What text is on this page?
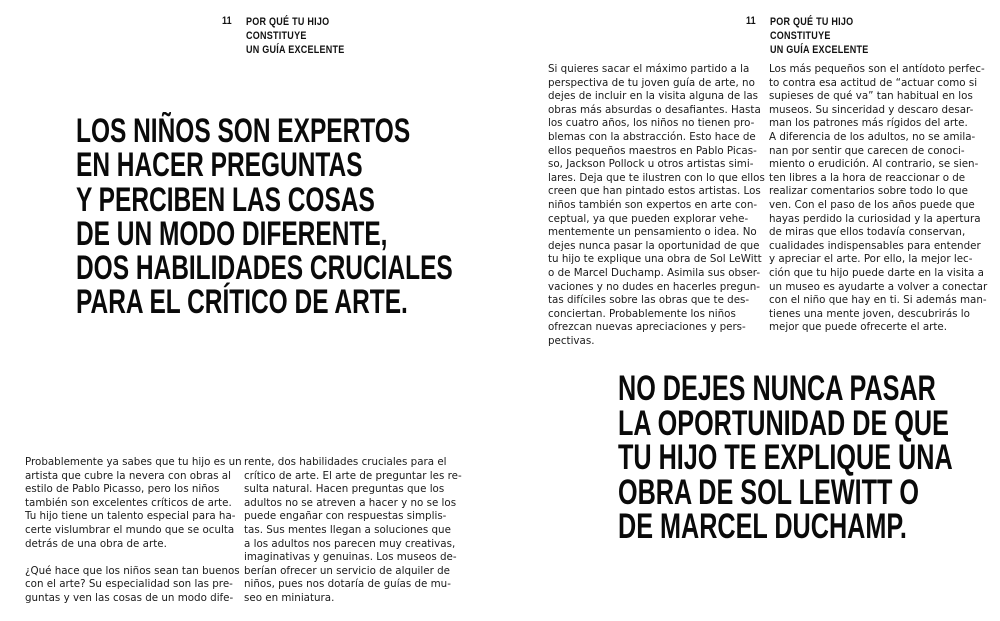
11	POR QUÉ TU HIJO CONSTITUYE
UN GUÍA EXCELENTE
LOS NIÑOS SON EXPERTOS
EN HACER PREGUNTAS
Y PERCIBEN LAS COSAS
DE UN MODO DIFERENTE,
DOS HABILIDADES CRUCIALES
PARA EL CRÍTICO DE ARTE.
Probablemente ya sabes que tu hijo es un
artista que cubre la nevera con obras al
estilo de Pablo Picasso, pero los niños
también son excelentes críticos de arte.
Tu hijo tiene un talento especial para ha-
certe vislumbrar el mundo que se oculta
detrás de una obra de arte.
¿Qué hace que los niños sean tan buenos
con el arte? Su especialidad son las pre-
guntas y ven las cosas de un modo dife-
rente, dos habilidades cruciales para el
crítico de arte. El arte de preguntar les re-
sulta natural. Hacen preguntas que los
adultos no se atreven a hacer y no se los
puede engañar con respuestas simplis-
tas. Sus mentes llegan a soluciones que
a los adultos nos parecen muy creativas,
imaginativas y genuinas. Los museos de-
berían ofrecer un servicio de alquiler de
niños, pues nos dotaría de guías de mu-
seo en miniatura.
11	POR QUÉ TU HIJO CONSTITUYE
UN GUÍA EXCELENTE
Si quieres sacar el máximo partido a la
perspectiva de tu joven guía de arte, no
dejes de incluir en la visita alguna de las
obras más absurdas o desafiantes. Hasta
los cuatro años, los niños no tienen pro-
blemas con la abstracción. Esto hace de
ellos pequeños maestros en Pablo Picas-
so, Jackson Pollock u otros artistas simi-
lares. Deja que te ilustren con lo que ellos
creen que han pintado estos artistas. Los
niños también son expertos en arte con-
ceptual, ya que pueden explorar vehe-
mentemente un pensamiento o idea. No
dejes nunca pasar la oportunidad de que
tu hijo te explique una obra de Sol LeWitt
o de Marcel Duchamp. Asimila sus obser-
vaciones y no dudes en hacerles pregun-
tas difíciles sobre las obras que te des-
conciertan. Probablemente los niños
ofrezcan nuevas apreciaciones y pers-
pectivas.
Los más pequeños son el antídoto perfec-
to contra esa actitud de “actuar como si
supieses de qué va” tan habitual en los
museos. Su sinceridad y descaro desar-
man los patrones más rígidos del arte.
A diferencia de los adultos, no se amila-
nan por sentir que carecen de conoci-
miento o erudición. Al contrario, se sien-
ten libres a la hora de reaccionar o de
realizar comentarios sobre todo lo que
ven. Con el paso de los años puede que
hayas perdido la curiosidad y la apertura
de miras que ellos todavía conservan,
cualidades indispensables para entender
y apreciar el arte. Por ello, la mejor lec-
ción que tu hijo puede darte en la visita a
un museo es ayudarte a volver a conectar
con el niño que hay en ti. Si además man-
tienes una mente joven, descubrirás lo
mejor que puede ofrecerte el arte.
NO DEJES NUNCA PASAR
LA OPORTUNIDAD DE QUE
TU HIJO TE EXPLIQUE UNA
OBRA DE SOL LEWITT O
DE MARCEL DUCHAMP.
